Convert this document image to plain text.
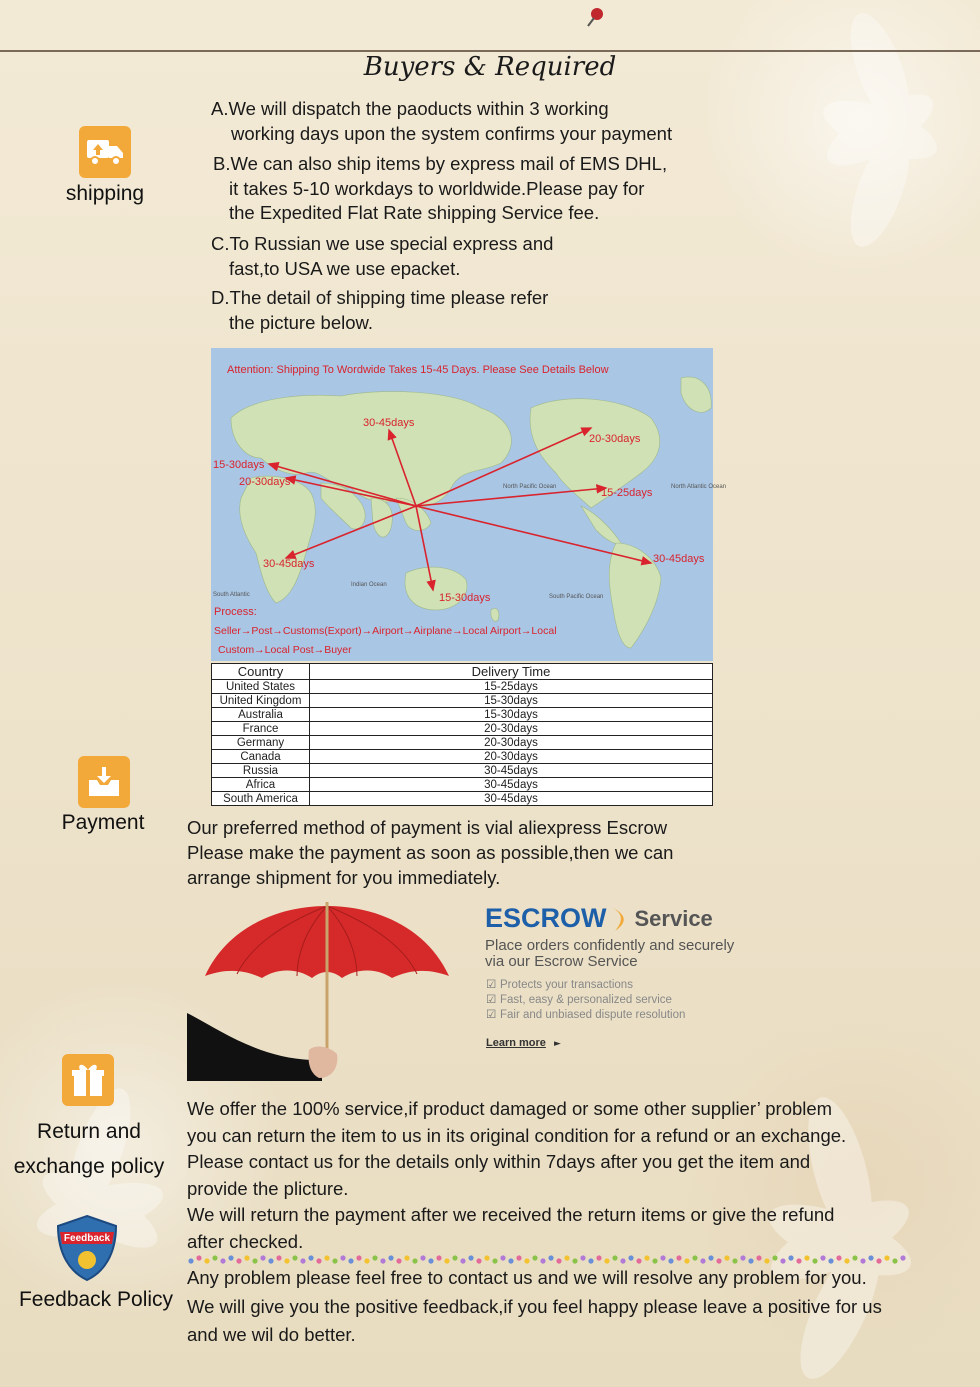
Buyers & Required
shipping
A.We will dispatch the paoducts within 3 working
working days upon the system confirms your payment
B.We can also ship items by express mail of EMS DHL,
it takes 5-10 workdays to worldwide.Please pay for
the Expedited Flat Rate shipping Service fee.
C.To Russian we use special express and
fast,to USA we use epacket.
D.The detail of shipping time please refer
the picture below.
North Pacific Ocean	North Atlantic Ocean
Indian Ocean
South Pacific Ocean
South Atlantic
Attention: Shipping To Wordwide Takes 15-45 Days. Please See Details Below
30-45days
20-30days
15-30days
20-30days
15-25days
30-45days
30-45days
15-30days
Process:
Seller→Post→Customs(Export)→Airport→Airplane→Local Airport→Local
Custom→Local Post→Buyer
Country	Delivery Time
United States	15-25days
United Kingdom	15-30days
Australia	15-30days
France	20-30days
Germany	20-30days
Canada	20-30days
Russia	30-45days
Africa	30-45days
South America	30-45days
Payment	Our preferred method of payment is vial aliexpress Escrow
Please make the payment as soon as possible,then we can
arrange shipment for you immediately.
ESCROW Service
Place orders confidently and securely
via our Escrow Service
☑ Protects your transactions
☑ Fast, easy & personalized service
☑ Fair and unbiased dispute resolution
Learn more ►
Return and
exchange policy
We offer the 100% service,if product damaged or some other supplier’ problem
you can return the item to us in its original condition for a refund or an exchange.
Please contact us for the details only within 7days after you get the item and
provide the plicture.
We will return the payment after we received the return items or give the refund
after checked.
Feedback
Feedback Policy
Any problem please feel free to contact us and we will resolve any problem for you.
We will give you the positive feedback,if you feel happy please leave a positive for us
and we wil do better.
